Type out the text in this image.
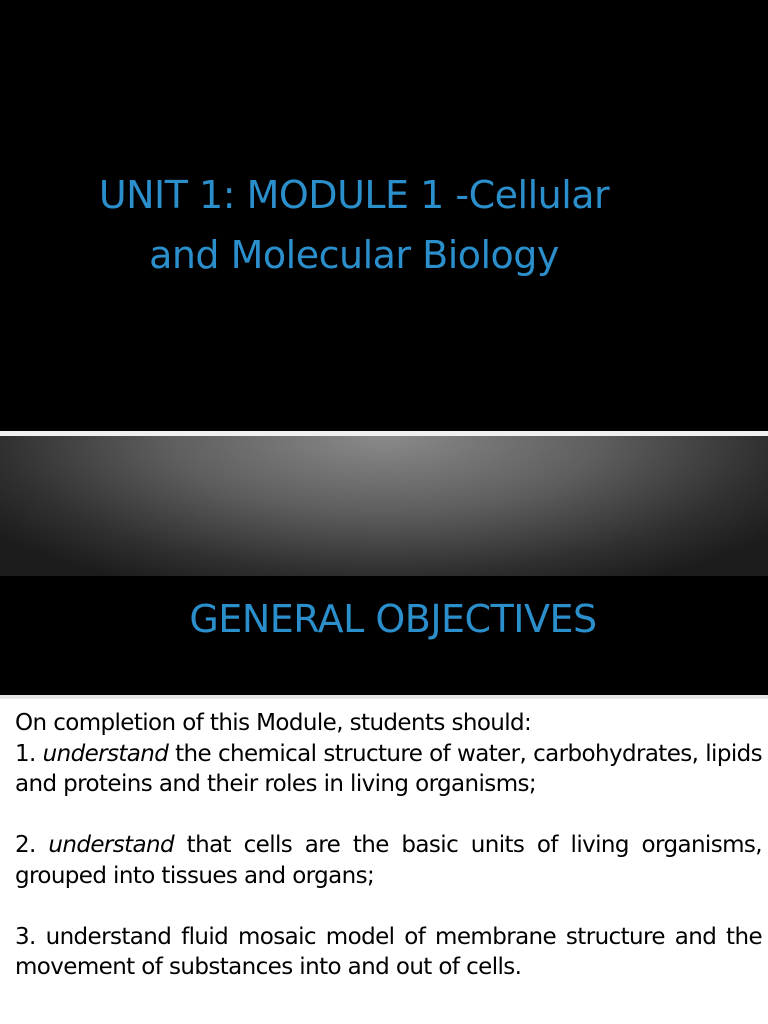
UNIT 1: MODULE 1 -Cellular
and Molecular Biology
GENERAL OBJECTIVES

On completion of this Module, students should:

1. understand the chemical structure of water, carbohydrates, lipids and proteins and their roles in living organisms;

2. understand that cells are the basic units of living organisms, grouped into tissues and organs;

3. understand fluid mosaic model of membrane structure and the movement of substances into and out of cells.
